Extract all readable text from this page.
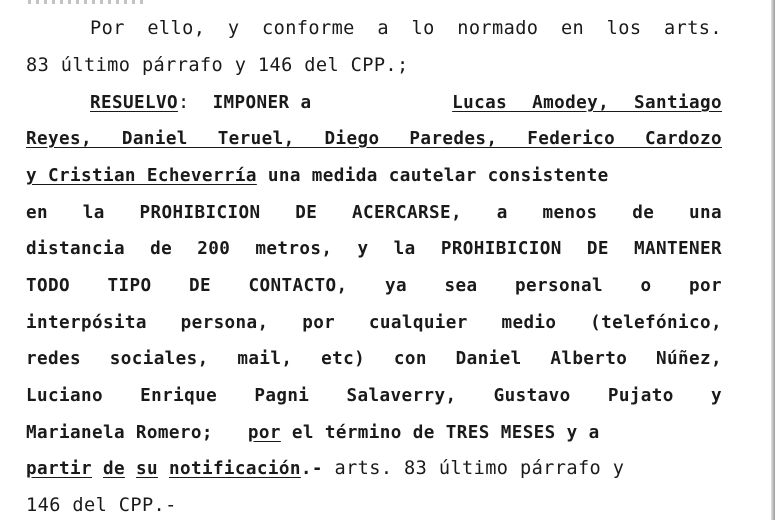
Por ello, y conforme a lo normado en los arts.
83 último párrafo y 146 del CPP.;
RESUELVO: IMPONER a	Lucas Amodey, Santiago
Reyes, Daniel Teruel, Diego Paredes, Federico Cardozo
y Cristian Echeverría una medida cautelar consistente
en la PROHIBICION DE ACERCARSE, a menos de una
distancia de 200 metros, y la PROHIBICION DE MANTENER
TODO TIPO DE CONTACTO, ya sea personal o por
interpósita persona, por cualquier medio (telefónico,
redes sociales, mail, etc) con Daniel Alberto Núñez,
Luciano Enrique Pagni Salaverry, Gustavo Pujato y
Marianela Romero; por el término de TRES MESES y a
partir de su notificación.- arts. 83 último párrafo y
146 del CPP.-
